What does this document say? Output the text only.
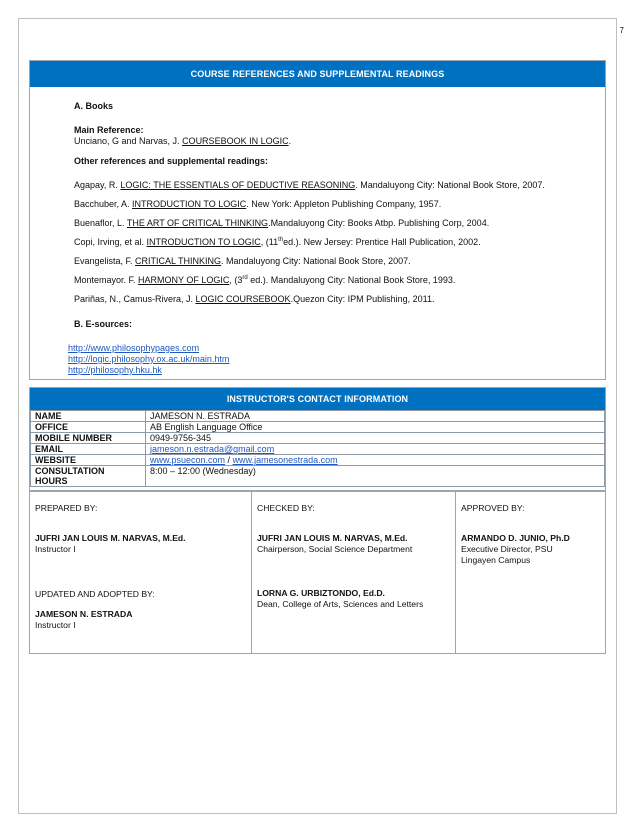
7
COURSE REFERENCES AND SUPPLEMENTAL READINGS
A. Books
Main Reference:
Unciano, G and Narvas, J. COURSEBOOK IN LOGIC.
Other references and supplemental readings:
Agapay, R. LOGIC: THE ESSENTIALS OF DEDUCTIVE REASONING. Mandaluyong City: National Book Store, 2007.
Bacchuber, A. INTRODUCTION TO LOGIC. New York: Appleton Publishing Company, 1957.
Buenaflor, L. THE ART OF CRITICAL THINKING.Mandaluyong City: Books Atbp. Publishing Corp, 2004.
Copi, Irving, et al. INTRODUCTION TO LOGIC, (11thed.). New Jersey: Prentice Hall Publication, 2002.
Evangelista, F. CRITICAL THINKING. Mandaluyong City: National Book Store, 2007.
Montemayor. F. HARMONY OF LOGIC, (3rd ed.). Mandaluyong City: National Book Store, 1993.
Pariñas, N., Camus-Rivera, J. LOGIC COURSEBOOK.Quezon City: IPM Publishing, 2011.
B. E-sources:
http://www.philosophypages.com
http://logic.philosophy.ox.ac.uk/main.htm
http://philosophy.hku.hk
INSTRUCTOR'S CONTACT INFORMATION
NAME	JAMESON N. ESTRADA
OFFICE	AB English Language Office
MOBILE NUMBER	0949-9756-345
EMAIL	jameson.n.estrada@gmail.com
WEBSITE	www.psuecon.com / www.jamesonestrada.com
CONSULTATION
HOURS	8:00 – 12:00 (Wednesday)
PREPARED BY:
JUFRI JAN LOUIS M. NARVAS, M.Ed.
Instructor I
UPDATED AND ADOPTED BY:
JAMESON N. ESTRADA
Instructor I
CHECKED BY:
JUFRI JAN LOUIS M. NARVAS, M.Ed.
Chairperson, Social Science Department
LORNA G. URBIZTONDO, Ed.D.
Dean, College of Arts, Sciences and Letters
APPROVED BY:
ARMANDO D. JUNIO, Ph.D
Executive Director, PSU
Lingayen Campus
